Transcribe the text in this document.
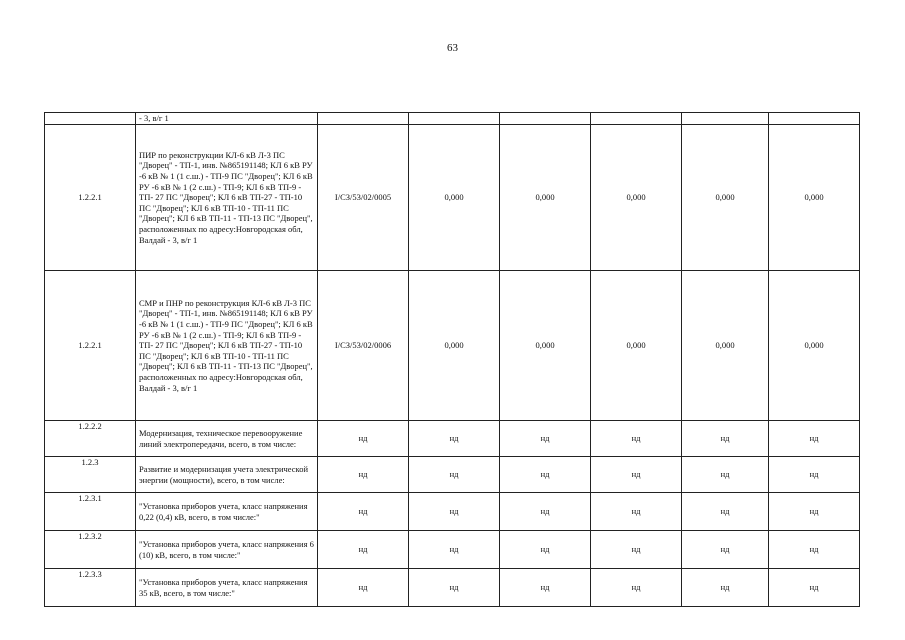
63
	- 3, в/г 1						
1.2.2.1	ПИР по реконструкции КЛ-6 кВ Л-3 ПС "Дворец" - ТП-1, инв. №865191148; КЛ 6 кВ РУ -6 кВ № 1 (1 с.ш.) - ТП-9 ПС "Дворец"; КЛ 6 кВ РУ -6 кВ № 1 (2 с.ш.) - ТП-9; КЛ 6 кВ ТП-9 - ТП- 27 ПС "Дворец"; КЛ 6 кВ ТП-27 - ТП-10 ПС "Дворец"; КЛ 6 кВ ТП-10 - ТП-11 ПС "Дворец"; КЛ 6 кВ ТП-11 - ТП-13 ПС "Дворец", расположенных по адресу:Новгородская обл, Валдай - 3, в/г 1	I/СЗ/53/02/0005	0,000	0,000	0,000	0,000	0,000
1.2.2.1	СМР и ПНР по реконструкция КЛ-6 кВ Л-3 ПС "Дворец" - ТП-1, инв. №865191148; КЛ 6 кВ РУ -6 кВ № 1 (1 с.ш.) - ТП-9 ПС "Дворец"; КЛ 6 кВ РУ -6 кВ № 1 (2 с.ш.) - ТП-9; КЛ 6 кВ ТП-9 - ТП- 27 ПС "Дворец"; КЛ 6 кВ ТП-27 - ТП-10 ПС "Дворец"; КЛ 6 кВ ТП-10 - ТП-11 ПС "Дворец"; КЛ 6 кВ ТП-11 - ТП-13 ПС "Дворец", расположенных по адресу:Новгородская обл, Валдай - 3, в/г 1	I/СЗ/53/02/0006	0,000	0,000	0,000	0,000	0,000
1.2.2.2	Модернизация, техническое перевооружение линий электропередачи, всего, в том числе:	нд	нд	нд	нд	нд	нд
1.2.3	Развитие и модернизация учета электрической энергии (мощности), всего, в том числе:	нд	нд	нд	нд	нд	нд
1.2.3.1	"Установка приборов учета, класс напряжения 0,22 (0,4) кВ, всего, в том числе:"	нд	нд	нд	нд	нд	нд
1.2.3.2	"Установка приборов учета, класс напряжения 6 (10) кВ, всего, в том числе:"	нд	нд	нд	нд	нд	нд
1.2.3.3	"Установка приборов учета, класс напряжения 35 кВ, всего, в том числе:"	нд	нд	нд	нд	нд	нд
